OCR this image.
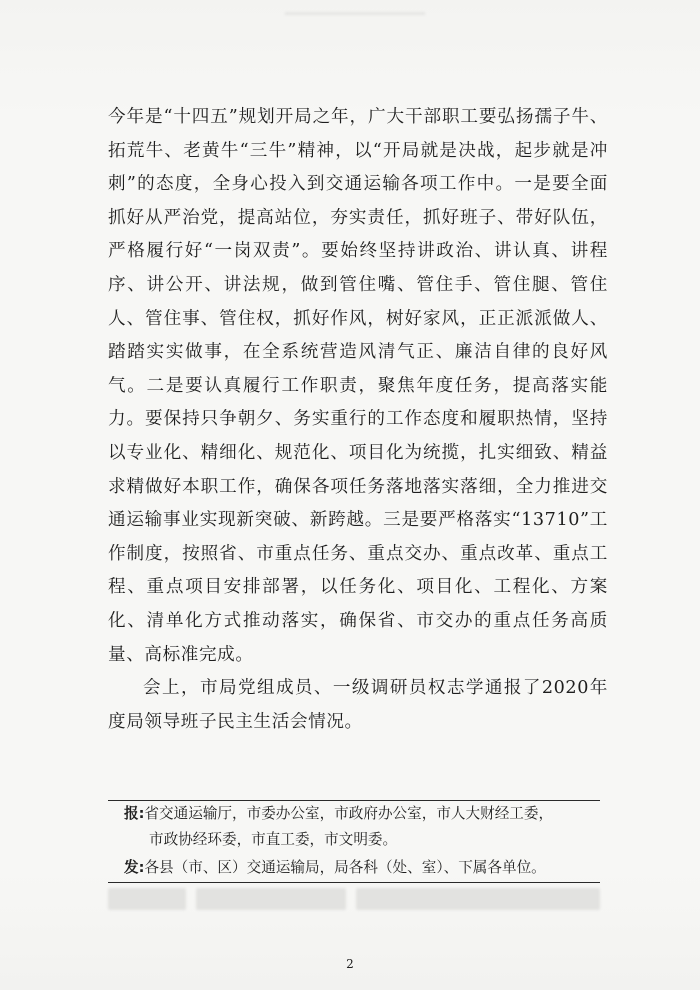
今年是“十四五”规划开局之年，广大干部职工要弘扬孺子牛、拓荒牛、老黄牛“三牛”精神，以“开局就是决战，起步就是冲刺”的态度，全身心投入到交通运输各项工作中。一是要全面抓好从严治党，提高站位，夯实责任，抓好班子、带好队伍，严格履行好“一岗双责”。要始终坚持讲政治、讲认真、讲程序、讲公开、讲法规，做到管住嘴、管住手、管住腿、管住人、管住事、管住权，抓好作风，树好家风，正正派派做人、踏踏实实做事，在全系统营造风清气正、廉洁自律的良好风气。二是要认真履行工作职责，聚焦年度任务，提高落实能力。要保持只争朝夕、务实重行的工作态度和履职热情，坚持以专业化、精细化、规范化、项目化为统揽，扎实细致、精益求精做好本职工作，确保各项任务落地落实落细，全力推进交通运输事业实现新突破、新跨越。三是要严格落实“13710”工作制度，按照省、市重点任务、重点交办、重点改革、重点工程、重点项目安排部署，以任务化、项目化、工程化、方案化、清单化方式推动落实，确保省、市交办的重点任务高质量、高标准完成。

会上，市局党组成员、一级调研员权志学通报了2020年度局领导班子民主生活会情况。

报:省交通运输厅，市委办公室，市政府办公室，市人大财经工委，
市政协经环委，市直工委，市文明委。
发:各县（市、区）交通运输局，局各科（处、室）、下属各单位。
2
